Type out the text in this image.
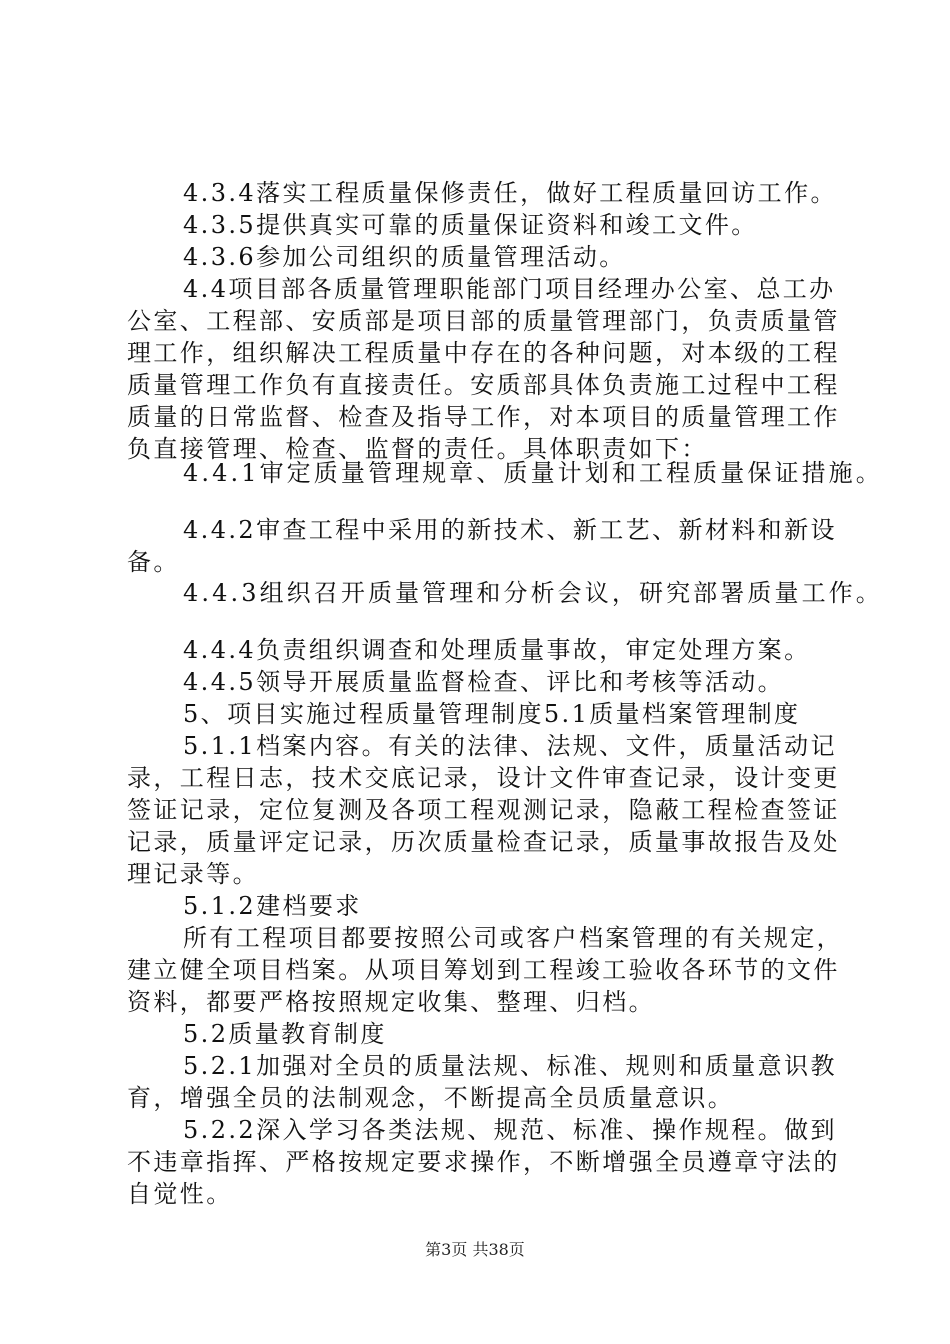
4.3.4落实工程质量保修责任，做好工程质量回访工作。
4.3.5提供真实可靠的质量保证资料和竣工文件。
4.3.6参加公司组织的质量管理活动。
4.4项目部各质量管理职能部门项目经理办公室、总工办
公室、工程部、安质部是项目部的质量管理部门，负责质量管
理工作，组织解决工程质量中存在的各种问题，对本级的工程
质量管理工作负有直接责任。安质部具体负责施工过程中工程
质量的日常监督、检查及指导工作，对本项目的质量管理工作
负直接管理、检查、监督的责任。具体职责如下：
4.4.1审定质量管理规章、质量计划和工程质量保证措施。
4.4.2审查工程中采用的新技术、新工艺、新材料和新设
备。
4.4.3组织召开质量管理和分析会议，研究部署质量工作。
4.4.4负责组织调查和处理质量事故，审定处理方案。
4.4.5领导开展质量监督检查、评比和考核等活动。
5、项目实施过程质量管理制度5.1质量档案管理制度
5.1.1档案内容。有关的法律、法规、文件，质量活动记
录，工程日志，技术交底记录，设计文件审查记录，设计变更
签证记录，定位复测及各项工程观测记录，隐蔽工程检查签证
记录，质量评定记录，历次质量检查记录，质量事故报告及处
理记录等。
5.1.2建档要求
所有工程项目都要按照公司或客户档案管理的有关规定，
建立健全项目档案。从项目筹划到工程竣工验收各环节的文件
资料，都要严格按照规定收集、整理、归档。
5.2质量教育制度
5.2.1加强对全员的质量法规、标准、规则和质量意识教
育，增强全员的法制观念，不断提高全员质量意识。
5.2.2深入学习各类法规、规范、标准、操作规程。做到
不违章指挥、严格按规定要求操作，不断增强全员遵章守法的
自觉性。
第3页 共38页
